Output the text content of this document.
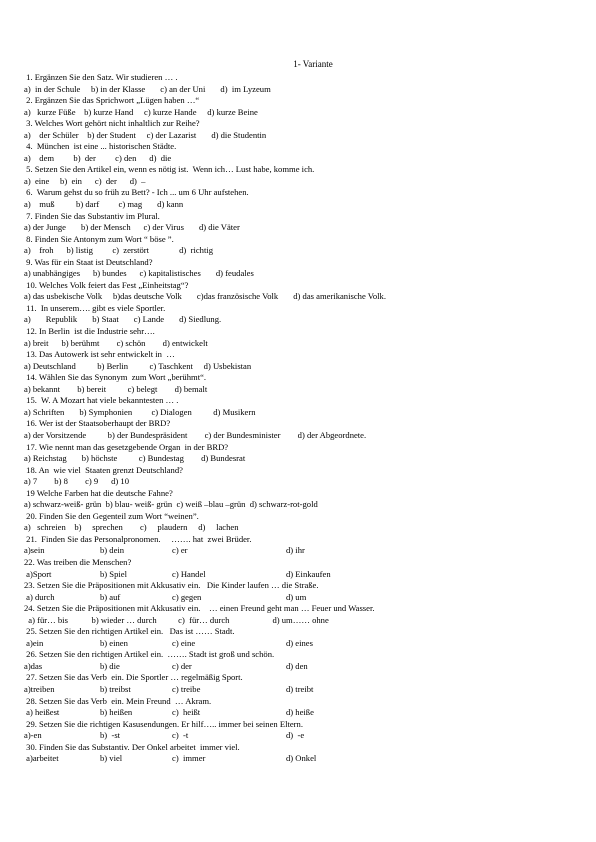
1- Variante
1. Ergänzen Sie den Satz. Wir studieren … .
a)  in der Schule     b) in der Klasse       c) an der Uni       d)  im Lyzeum
2. Ergänzen Sie das Sprichwort „Lügen haben …“
a)   kurze Füße    b) kurze Hand     c) kurze Hande     d) kurze Beine
3. Welches Wort gehört nicht inhaltlich zur Reihe?
a)    der Schüler    b) der Student     c) der Lazarist       d) die Studentin
4.  München  ist eine ... historischen Städte.
a)    dem         b)  der         c) den      d)  die
5. Setzen Sie den Artikel ein, wenn es nötig ist.  Wenn ich… Lust habe, komme ich.
a)  eine     b)  ein      c)  der      d)  –
6.  Warum gehst du so früh zu Bett? - Ich ... um 6 Uhr aufstehen.
a)    muß          b) darf         c) mag       d) kann
7. Finden Sie das Substantiv im Plural.
a) der Junge       b) der Mensch      c) der Virus       d) die Väter
8. Finden Sie Antonym zum Wort “ böse ”.
a)    froh      b) listig         c)  zerstört              d)  richtig
9. Was für ein Staat ist Deutschland?
a) unabhängiges      b) bundes      c) kapitalistisches       d) feudales
10. Welches Volk feiert das Fest „Einheitstag“?
a) das usbekische Volk     b)das deutsche Volk       c)das französische Volk       d) das amerikanische Volk.
11.  In unserem…. gibt es viele Sportler.
a)       Republik       b) Staat       c) Lande       d) Siedlung.
12. In Berlin  ist die Industrie sehr….
a) breit      b) berühmt        c) schön        d) entwickelt
13. Das Autowerk ist sehr entwickelt in  …
a) Deutschland          b) Berlin          c) Taschkent     d) Usbekistan
14. Wählen Sie das Synonym  zum Wort „berühmt“.
a) bekannt        b) bereit          c) belegt        d) bemalt
15.  W. A Mozart hat viele bekanntesten … .
a) Schriften       b) Symphonien         c) Dialogen          d) Musikern
16. Wer ist der Staatsoberhaupt der BRD?
a) der Vorsitzende          b) der Bundespräsident        c) der Bundesminister        d) der Abgeordnete.
17. Wie nennt man das gesetzgebende Organ  in der BRD?
a) Reichstag       b) höchste          c) Bundestag        d) Bundesrat
18. An  wie viel  Staaten grenzt Deutschland?
a) 7        b) 8        c) 9      d) 10
19 Welche Farben hat die deutsche Fahne?
a) schwarz-weiß- grün  b) blau- weiß- grün  c) weiß –blau –grün  d) schwarz-rot-gold
20. Finden Sie den Gegenteil zum Wort “weinen”.
a)   schreien    b)     sprechen        c)     plaudern     d)     lachen
21.  Finden Sie das Personalpronomen.     ……. hat  zwei Brüder.
a)sein	b) dein	c) er	d) ihr
22. Was treiben die Menschen?
a)Sport	b) Spiel	c) Handel	d) Einkaufen
23. Setzen Sie die Präpositionen mit Akkusativ ein.   Die Kinder laufen … die Straße.
a) durch	b) auf	c) gegen	d) um
24. Setzen Sie die Präpositionen mit Akkusativ ein.    … einen Freund geht man … Feuer und Wasser.
a) für… bis           b) wieder … durch          c)  für… durch                    d) um…… ohne
25. Setzen Sie den richtigen Artikel ein.   Das ist …… Stadt.
a)ein	b) einen	c) eine	d) eines
26. Setzen Sie den richtigen Artikel ein.  ……. Stadt ist groß und schön.
a)das	b) die	c) der	d) den
27. Setzen Sie das Verb  ein. Die Sportler … regelmäßig Sport.
a)treiben	b) treibst	c) treibe	d) treibt
28. Setzen Sie das Verb  ein. Mein Freund  … Akram.
a) heißest	b) heißen	c)  heißt	d) heiße
29. Setzen Sie die richtigen Kasusendungen. Er hilf….. immer bei seinen Eltern.
a)-en	b)  -st	c)  -t	d)  -e
30. Finden Sie das Substantiv. Der Onkel arbeitet  immer viel.
a)arbeitet	b) viel	c)  immer	d) Onkel
